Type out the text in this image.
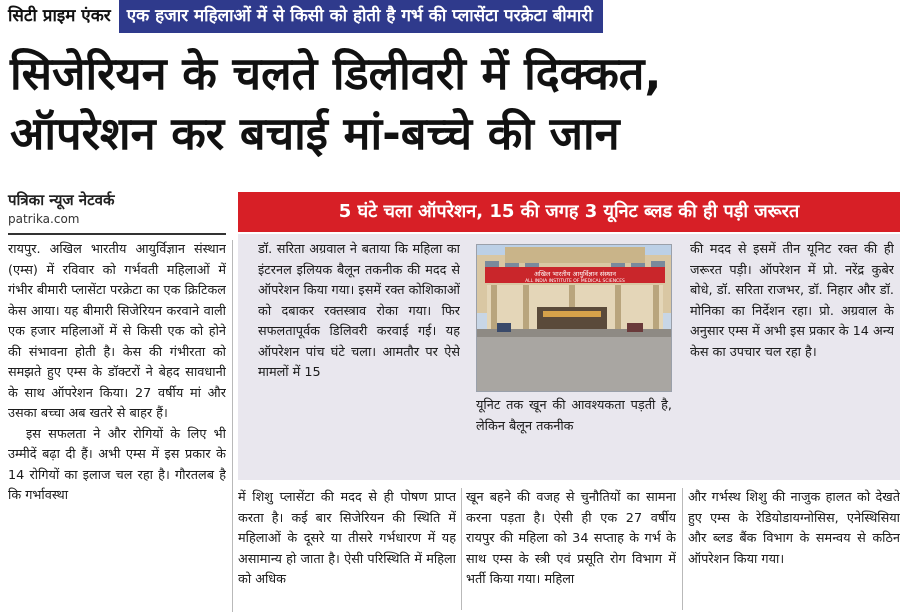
सिटी प्राइम एंकर एक हजार महिलाओं में से किसी को होती है गर्भ की प्लासेंटा परक्रेटा बीमारी
सिजेरियन के चलते डिलीवरी में दिक्कत,
ऑपरेशन कर बचाई मां-बच्चे की जान
पत्रिका न्यूज नेटवर्क
patrika.com	5 घंटे चला ऑपरेशन, 15 की जगह 3 यूनिट ब्लड की ही पड़ी जरूरत

रायपुर. अखिल भारतीय आयुर्विज्ञान संस्थान (एम्स) में रविवार को गर्भवती महिलाओं में गंभीर बीमारी प्लासेंटा परक्रेटा का एक क्रिटिकल केस आया। यह बीमारी सिजेरियन करवाने वाली एक हजार महिलाओं में से किसी एक को होने की संभावना होती है। केस की गंभीरता को समझते हुए एम्स के डॉक्टरों ने बेहद सावधानी के साथ ऑपरेशन किया। 27 वर्षीय मां और उसका बच्चा अब खतरे से बाहर हैं।

इस सफलता ने और रोगियों के लिए भी उम्मीदें बढ़ा दी हैं। अभी एम्स में इस प्रकार के 14 रोगियों का इलाज चल रहा है। गौरतलब है कि गर्भावस्था

डॉ. सरिता अग्रवाल ने बताया कि महिला का इंटरनल इलियक बैलून तकनीक की मदद से ऑपरेशन किया गया। इसमें रक्त कोशिकाओं को दबाकर रक्तस्त्राव रोका गया। फिर सफलतापूर्वक डिलिवरी करवाई गई। यह ऑपरेशन पांच घंटे चला। आमतौर पर ऐसे मामलों में 15

अखिल भारतीय आयुर्विज्ञान संस्थान
ALL INDIA INSTITUTE OF MEDICAL SCIENCES

यूनिट तक खून की आवश्यकता पड़ती है, लेकिन बैलून तकनीक

की मदद से इसमें तीन यूनिट रक्त की ही जरूरत पड़ी। ऑपरेशन में प्रो. नरेंद्र कुबेर बोधे, डॉ. सरिता राजभर, डॉ. निहार और डॉ. मोनिका का निर्देशन रहा। प्रो. अग्रवाल के अनुसार एम्स में अभी इस प्रकार के 14 अन्य केस का उपचार चल रहा है।

में शिशु प्लासेंटा की मदद से ही पोषण प्राप्त करता है। कई बार सिजेरियन की स्थिति में महिलाओं के दूसरे या तीसरे गर्भधारण में यह असामान्य हो जाता है। ऐसी परिस्थिति में महिला को अधिक

खून बहने की वजह से चुनौतियों का सामना करना पड़ता है। ऐसी ही एक 27 वर्षीय रायपुर की महिला को 34 सप्ताह के गर्भ के साथ एम्स के स्त्री एवं प्रसूति रोग विभाग में भर्ती किया गया। महिला

और गर्भस्थ शिशु की नाजुक हालत को देखते हुए एम्स के रेडियोडायग्नोसिस, एनेस्थिसिया और ब्लड बैंक विभाग के समन्वय से कठिन ऑपरेशन किया गया।
